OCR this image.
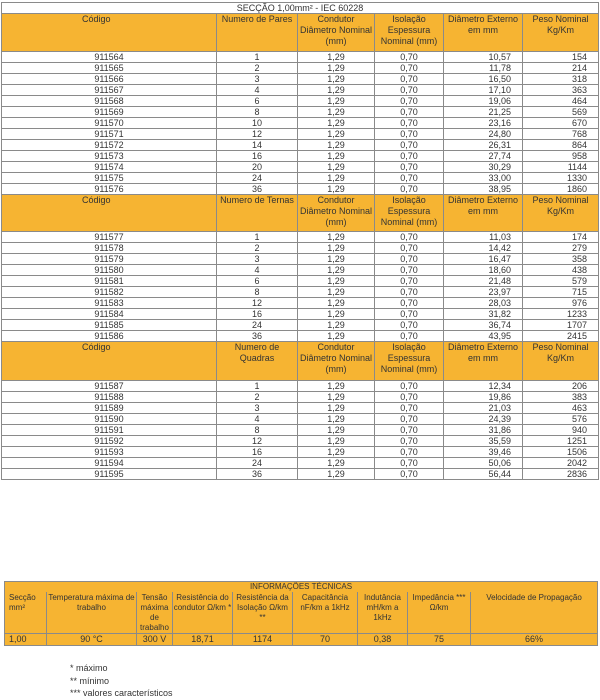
SECÇÃO 1,00mm² - IEC 60228					
Código	Numero de Pares	Condutor Diâmetro Nominal (mm)	Isolação Espessura Nominal (mm)	Diâmetro Externo em mm	Peso Nominal Kg/Km
911564	1	1,29	0,70	10,57	154
911565	2	1,29	0,70	11,78	214
911566	3	1,29	0,70	16,50	318
911567	4	1,29	0,70	17,10	363
911568	6	1,29	0,70	19,06	464
911569	8	1,29	0,70	21,25	569
911570	10	1,29	0,70	23,16	670
911571	12	1,29	0,70	24,80	768
911572	14	1,29	0,70	26,31	864
911573	16	1,29	0,70	27,74	958
911574	20	1,29	0,70	30,29	1144
911575	24	1,29	0,70	33,00	1330
911576	36	1,29	0,70	38,95	1860
Código	Numero de Ternas	Condutor Diâmetro Nominal (mm)	Isolação Espessura Nominal (mm)	Diâmetro Externo em mm	Peso Nominal Kg/Km
911577	1	1,29	0,70	11,03	174
911578	2	1,29	0,70	14,42	279
911579	3	1,29	0,70	16,47	358
911580	4	1,29	0,70	18,60	438
911581	6	1,29	0,70	21,48	579
911582	8	1,29	0,70	23,97	715
911583	12	1,29	0,70	28,03	976
911584	16	1,29	0,70	31,82	1233
911585	24	1,29	0,70	36,74	1707
911586	36	1,29	0,70	43,95	2415
Código	Numero de Quadras	Condutor Diâmetro Nominal (mm)	Isolação Espessura Nominal (mm)	Diâmetro Externo em mm	Peso Nominal Kg/Km
911587	1	1,29	0,70	12,34	206
911588	2	1,29	0,70	19,86	383
911589	3	1,29	0,70	21,03	463
911590	4	1,29	0,70	24,39	576
911591	8	1,29	0,70	31,86	940
911592	12	1,29	0,70	35,59	1251
911593	16	1,29	0,70	39,46	1506
911594	24	1,29	0,70	50,06	2042
911595	36	1,29	0,70	56,44	2836
INFORMAÇÕES TÉCNICAS								
Secção mm²	Temperatura máxima de trabalho	Tensão máxima de trabalho	Resistência do condutor Ω/km *	Resistência da Isolação Ω/km **	Capacitância nF/km a 1kHz	Indutância mH/km a 1kHz	Impedância *** Ω/km	Velocidade de Propagação
1,00	90 °C	300 V	18,71	1174	70	0,38	75	66%
* máximo
** mínimo
*** valores característicos
